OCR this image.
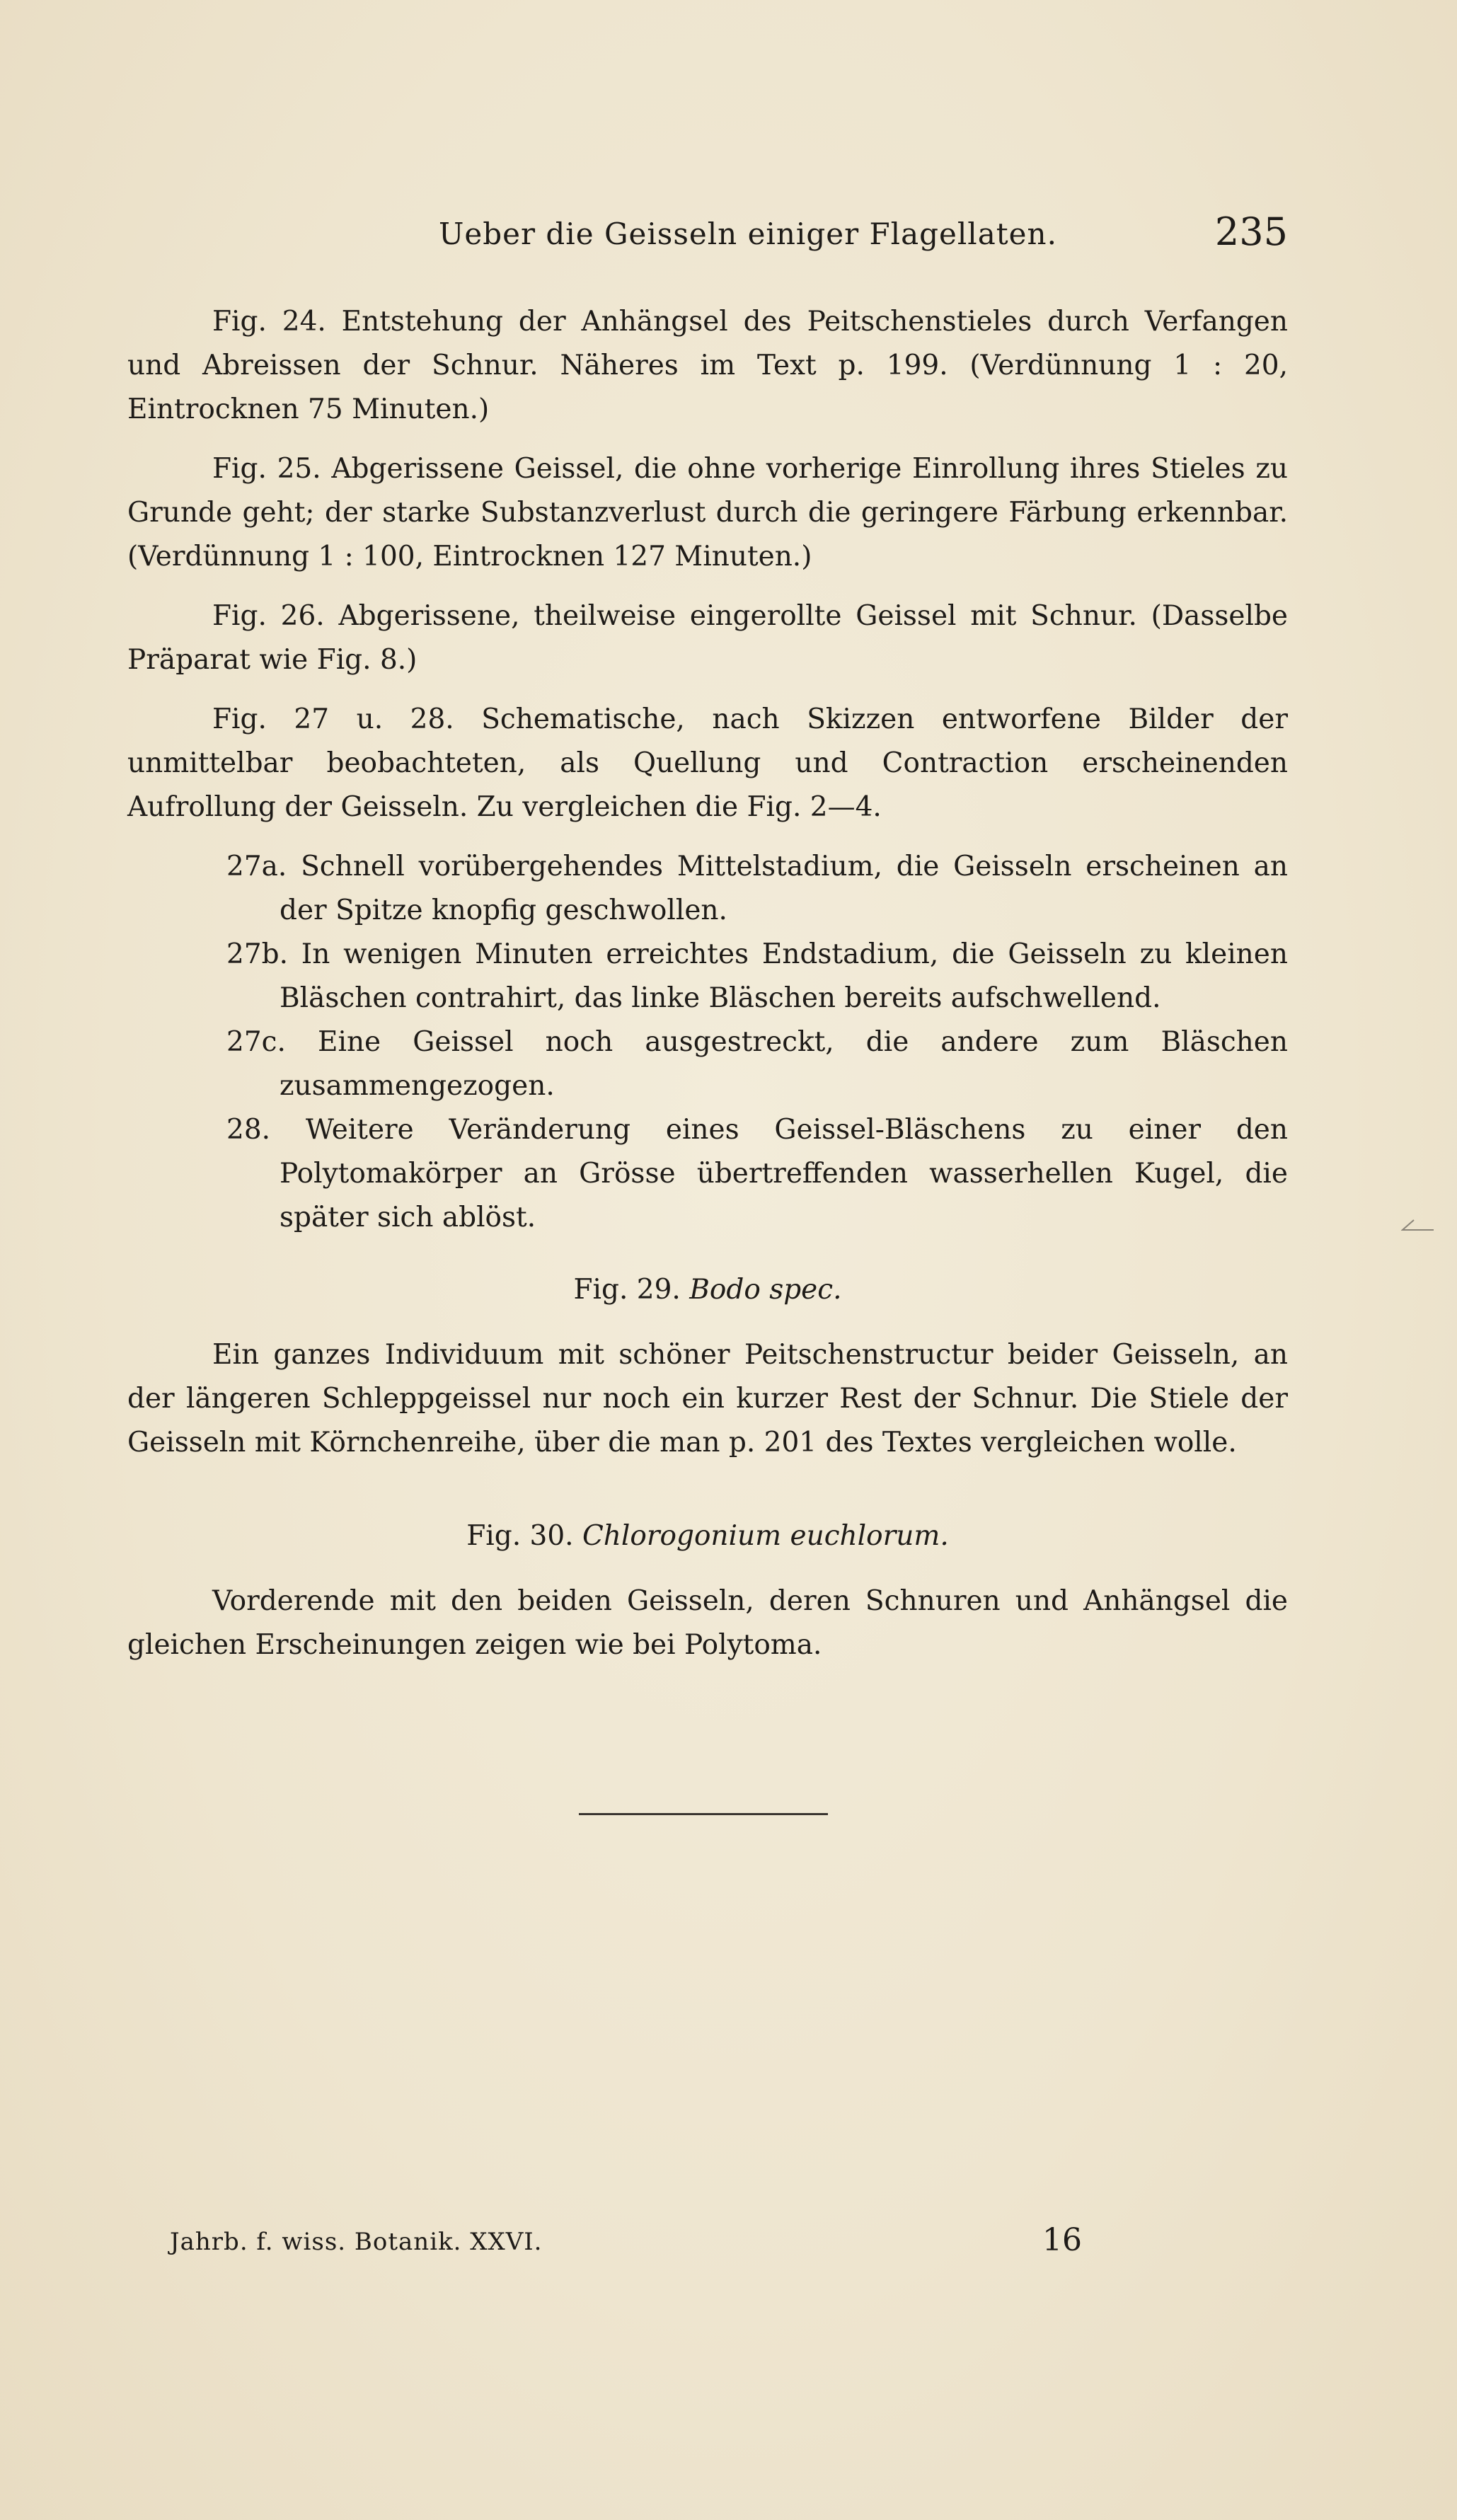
Ueber die Geisseln einiger Flagellaten.	235

Fig. 24. Entstehung der Anhängsel des Peitschenstieles durch Verfangen und Abreissen der Schnur. Näheres im Text p. 199. (Verdünnung 1 : 20, Eintrocknen 75 Minuten.)

Fig. 25. Abgerissene Geissel, die ohne vorherige Einrollung ihres Stieles zu Grunde geht; der starke Substanzverlust durch die geringere Färbung erkennbar. (Verdünnung 1 : 100, Eintrocknen 127 Minuten.)

Fig. 26. Abgerissene, theilweise eingerollte Geissel mit Schnur. (Dasselbe Präparat wie Fig. 8.)

Fig. 27 u. 28. Schematische, nach Skizzen entworfene Bilder der unmittelbar beobachteten, als Quellung und Contraction erscheinenden Aufrollung der Geisseln. Zu vergleichen die Fig. 2—4.

27a. Schnell vorübergehendes Mittelstadium, die Geisseln erscheinen an der Spitze knopfig geschwollen.

27b. In wenigen Minuten erreichtes Endstadium, die Geisseln zu kleinen Bläschen contrahirt, das linke Bläschen bereits aufschwellend.

27c. Eine Geissel noch ausgestreckt, die andere zum Bläschen zusammengezogen.

28. Weitere Veränderung eines Geissel-Bläschens zu einer den Polytomakörper an Grösse übertreffenden wasserhellen Kugel, die später sich ablöst.

Fig. 29. Bodo spec.

Ein ganzes Individuum mit schöner Peitschenstructur beider Geisseln, an der längeren Schleppgeissel nur noch ein kurzer Rest der Schnur. Die Stiele der Geisseln mit Körnchenreihe, über die man p. 201 des Textes vergleichen wolle.

Fig. 30. Chlorogonium euchlorum.

Vorderende mit den beiden Geisseln, deren Schnuren und Anhängsel die gleichen Erscheinungen zeigen wie bei Polytoma.

Jahrb. f. wiss. Botanik. XXVI.	16
